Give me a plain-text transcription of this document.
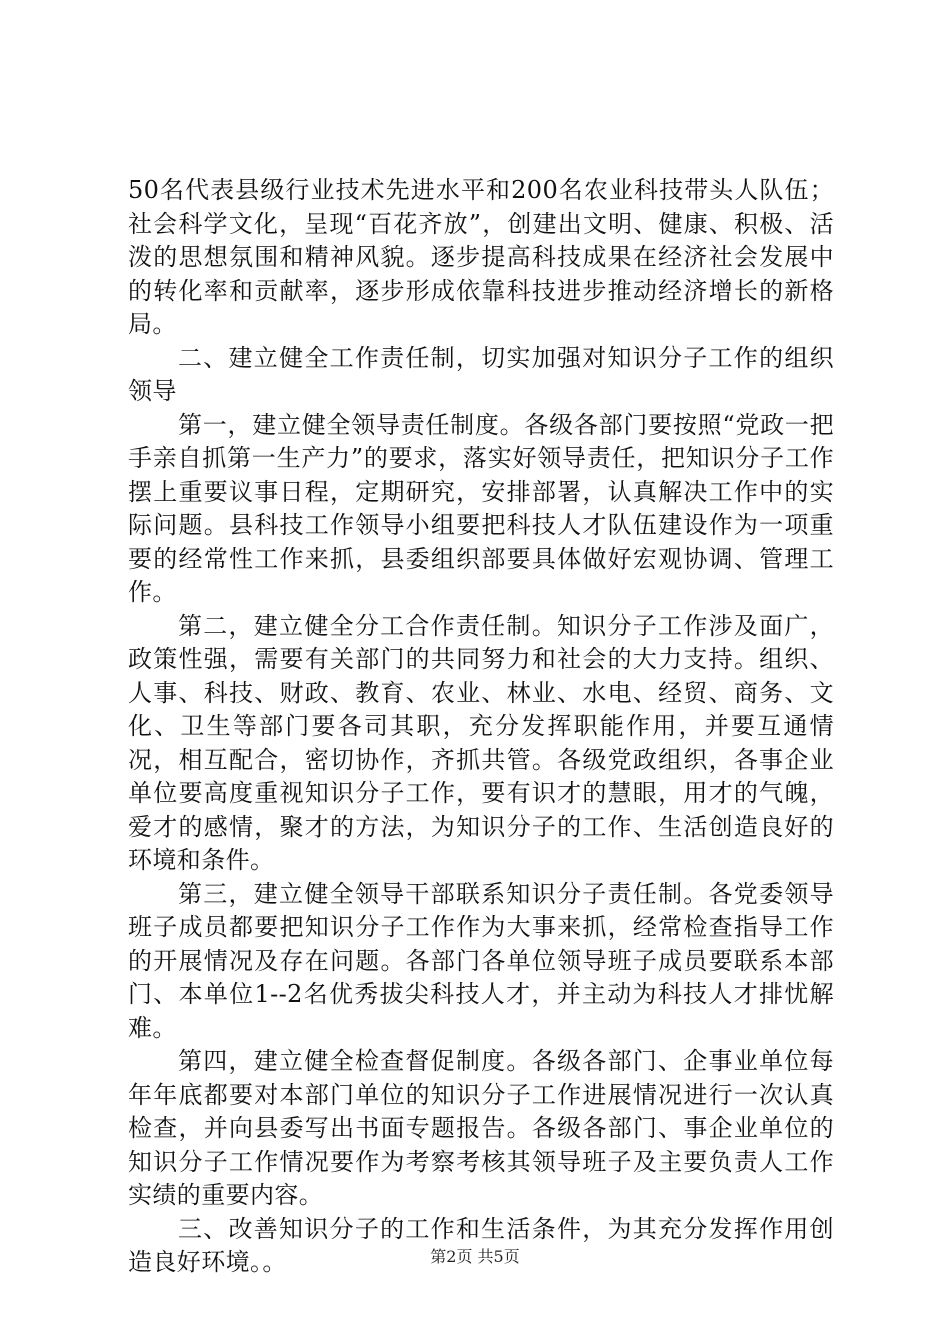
50名代表县级行业技术先进水平和200名农业科技带头人队伍；社会科学文化，呈现“百花齐放”，创建出文明、健康、积极、活泼的思想氛围和精神风貌。逐步提高科技成果在经济社会发展中的转化率和贡献率，逐步形成依靠科技进步推动经济增长的新格局。

二、建立健全工作责任制，切实加强对知识分子工作的组织领导

第一，建立健全领导责任制度。各级各部门要按照“党政一把手亲自抓第一生产力”的要求，落实好领导责任，把知识分子工作摆上重要议事日程，定期研究，安排部署，认真解决工作中的实际问题。县科技工作领导小组要把科技人才队伍建设作为一项重要的经常性工作来抓，县委组织部要具体做好宏观协调、管理工作。

第二，建立健全分工合作责任制。知识分子工作涉及面广，政策性强，需要有关部门的共同努力和社会的大力支持。组织、人事、科技、财政、教育、农业、林业、水电、经贸、商务、文化、卫生等部门要各司其职，充分发挥职能作用，并要互通情况，相互配合，密切协作，齐抓共管。各级党政组织，各事企业单位要高度重视知识分子工作，要有识才的慧眼，用才的气魄，爱才的感情，聚才的方法，为知识分子的工作、生活创造良好的环境和条件。

第三，建立健全领导干部联系知识分子责任制。各党委领导班子成员都要把知识分子工作作为大事来抓，经常检查指导工作的开展情况及存在问题。各部门各单位领导班子成员要联系本部门、本单位1--2名优秀拔尖科技人才，并主动为科技人才排忧解难。

第四，建立健全检查督促制度。各级各部门、企事业单位每年年底都要对本部门单位的知识分子工作进展情况进行一次认真检查，并向县委写出书面专题报告。各级各部门、事企业单位的知识分子工作情况要作为考察考核其领导班子及主要负责人工作实绩的重要内容。

三、改善知识分子的工作和生活条件，为其充分发挥作用创造良好环境。。	第2页 共5页
